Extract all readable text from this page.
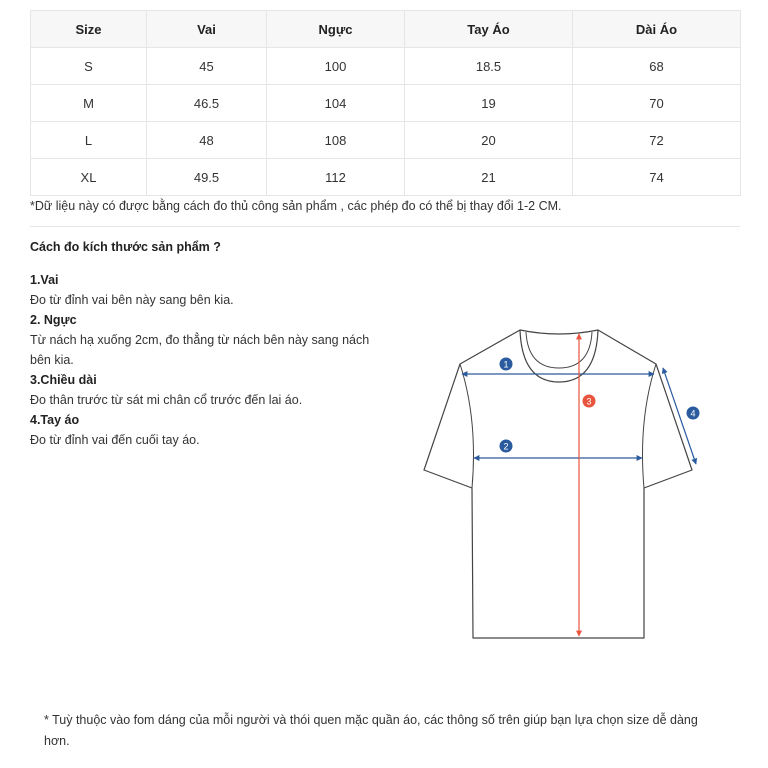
Size	Vai	Ngực	Tay Áo	Dài Áo
S	45	100	18.5	68
M	46.5	104	19	70
L	48	108	20	72
XL	49.5	112	21	74
*Dữ liệu này có được bằng cách đo thủ công sản phẩm , các phép đo có thể bị thay đổi 1-2 CM.
Cách đo kích thước sản phẩm ?
1.Vai
Đo từ đỉnh vai bên này sang bên kia.
2. Ngực
Từ nách hạ xuống 2cm, đo thẳng từ nách bên này sang nách bên kia.
3.Chiều dài
Đo thân trước từ sát mi chân cổ trước đến lai áo.
4.Tay áo
Đo từ đỉnh vai đến cuối tay áo.
1
2
3
4
* Tuỳ thuộc vào fom dáng của mỗi người và thói quen mặc quần áo, các thông số trên giúp bạn lựa chọn size dễ dàng hơn.
